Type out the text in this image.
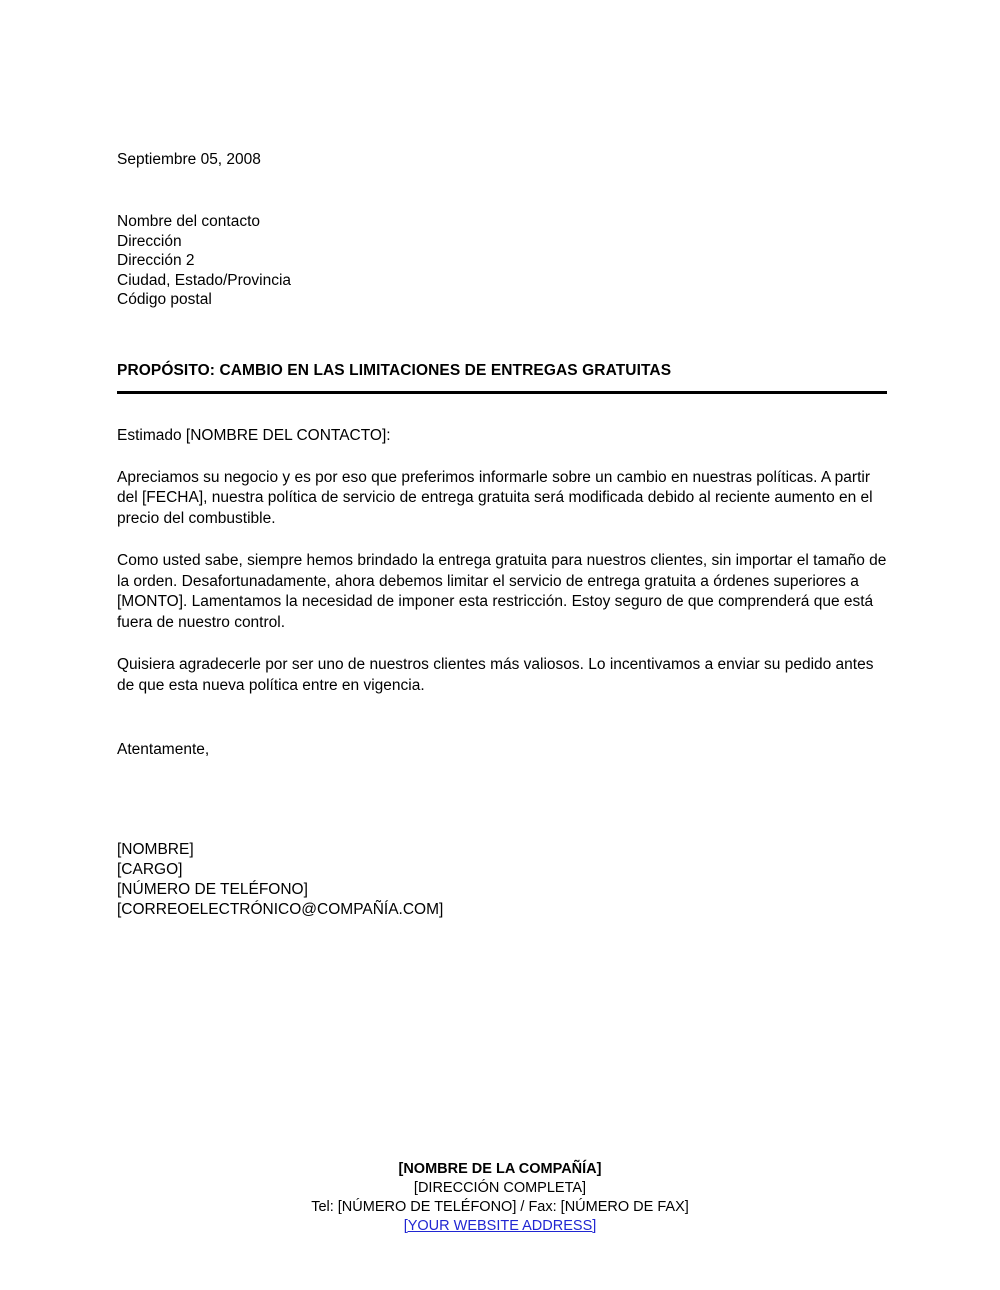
Septiembre 05, 2008
Nombre del contacto
Dirección
Dirección 2
Ciudad, Estado/Provincia
Código postal
PROPÓSITO: CAMBIO EN LAS LIMITACIONES DE ENTREGAS GRATUITAS
Estimado [NOMBRE DEL CONTACTO]:

Apreciamos su negocio y es por eso que preferimos informarle sobre un cambio en nuestras políticas. A partir del [FECHA], nuestra política de servicio de entrega gratuita será modificada debido al reciente aumento en el precio del combustible.

Como usted sabe, siempre hemos brindado la entrega gratuita para nuestros clientes, sin importar el tamaño de la orden. Desafortunadamente, ahora debemos limitar el servicio de entrega gratuita a órdenes superiores a [MONTO]. Lamentamos la necesidad de imponer esta restricción. Estoy seguro de que comprenderá que está fuera de nuestro control.

Quisiera agradecerle por ser uno de nuestros clientes más valiosos. Lo incentivamos a enviar su pedido antes de que esta nueva política entre en vigencia.

Atentamente,
[NOMBRE]
[CARGO]
[NÚMERO DE TELÉFONO]
[CORREOELECTRÓNICO@COMPAÑÍA.COM]
[NOMBRE DE LA COMPAÑÍA]
[DIRECCIÓN COMPLETA]
Tel: [NÚMERO DE TELÉFONO] / Fax: [NÚMERO DE FAX]
[YOUR WEBSITE ADDRESS]
